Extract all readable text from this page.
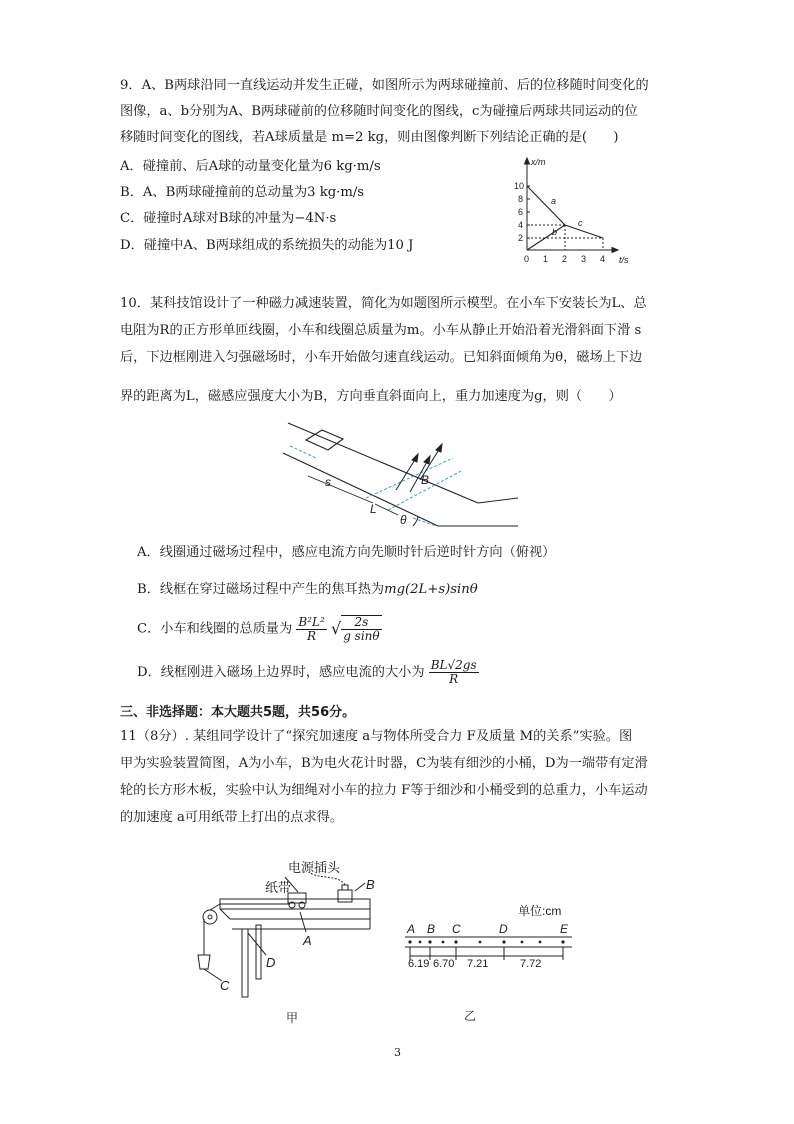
9．A、B两球沿同一直线运动并发生正碰，如图所示为两球碰撞前、后的位移随时间变化的
图像，a、b分别为A、B两球碰前的位移随时间变化的图线，c为碰撞后两球共同运动的位
移随时间变化的图线，若A球质量是 m=2 kg，则由图像判断下列结论正确的是(　　)
A．碰撞前、后A球的动量变化量为6 kg·m/s
B．A、B两球碰撞前的总动量为3 kg·m/s
C．碰撞时A球对B球的冲量为−4N·s
D．碰撞中A、B两球组成的系统损失的动能为10 J
x/m
10
8
6
4
2
0 1 2 3 4 t/s
a
b
c
10．某科技馆设计了一种磁力减速装置，简化为如题图所示模型。在小车下安装长为L、总
电阻为R的正方形单匝线圈，小车和线圈总质量为m。小车从静止开始沿着光滑斜面下滑 s
后，下边框刚进入匀强磁场时，小车开始做匀速直线运动。已知斜面倾角为θ，磁场上下边
界的距离为L，磁感应强度大小为B，方向垂直斜面向上，重力加速度为g，则（　　）
s
L
B
θ
A．线圈通过磁场过程中，感应电流方向先顺时针后逆时针方向（俯视）
B．线框在穿过磁场过程中产生的焦耳热为mg(2L+s)sinθ
C．小车和线圈的总质量为 $\frac{\text{B²L²}}{R}$ √ $\frac{2s}{\text{g sinθ}}$
D．线框刚进入磁场上边界时，感应电流的大小为 $\frac{BL√2gs}{R}$
三、非选择题：本大题共5题，共56分。
11（8分）. 某组同学设计了“探究加速度 a与物体所受合力 F及质量 M的关系”实验。图
甲为实验装置简图，A为小车，B为电火花计时器，C为装有细沙的小桶，D为一端带有定滑
轮的长方形木板，实验中认为细绳对小车的拉力 F等于细沙和小桶受到的总重力，小车运动
的加速度 a可用纸带上打出的点求得。
电源插头
纸带	B
A
D
C
甲
单位:cm
A B C	D	E
6.19 6.70 7.21	7.72
乙
3
